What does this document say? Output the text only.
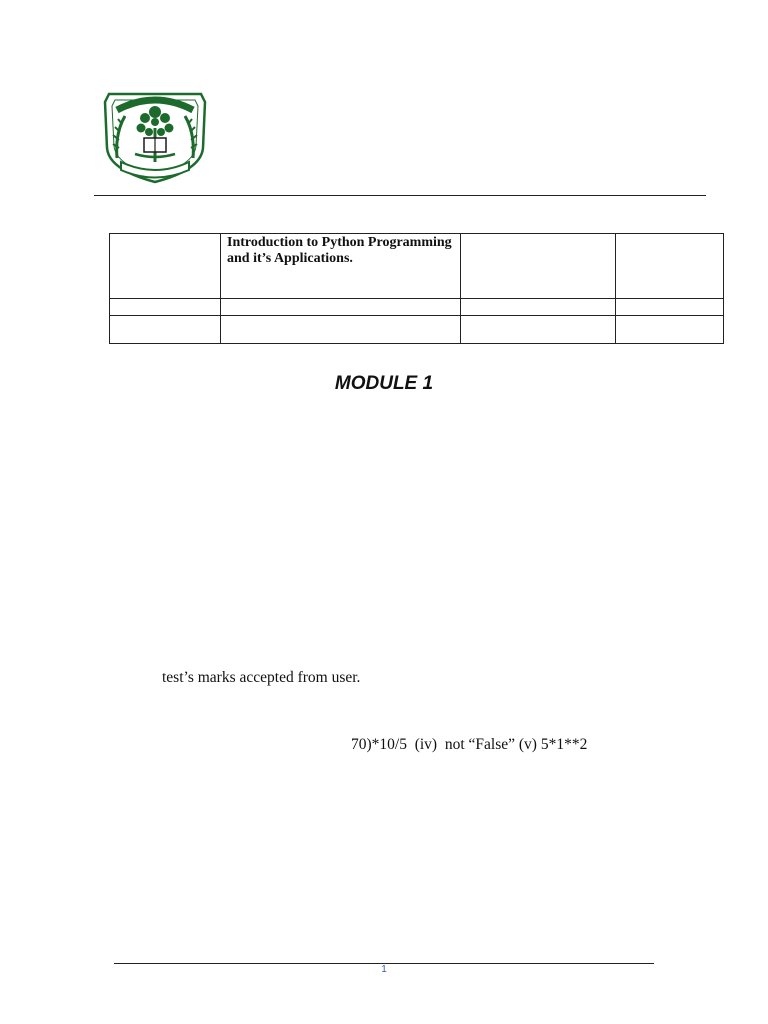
	Introduction to Python Programming and it’s Applications.		

MODULE 1
test’s marks accepted from user.
70)*10/5  (iv)  not “False” (v) 5*1**2
1
